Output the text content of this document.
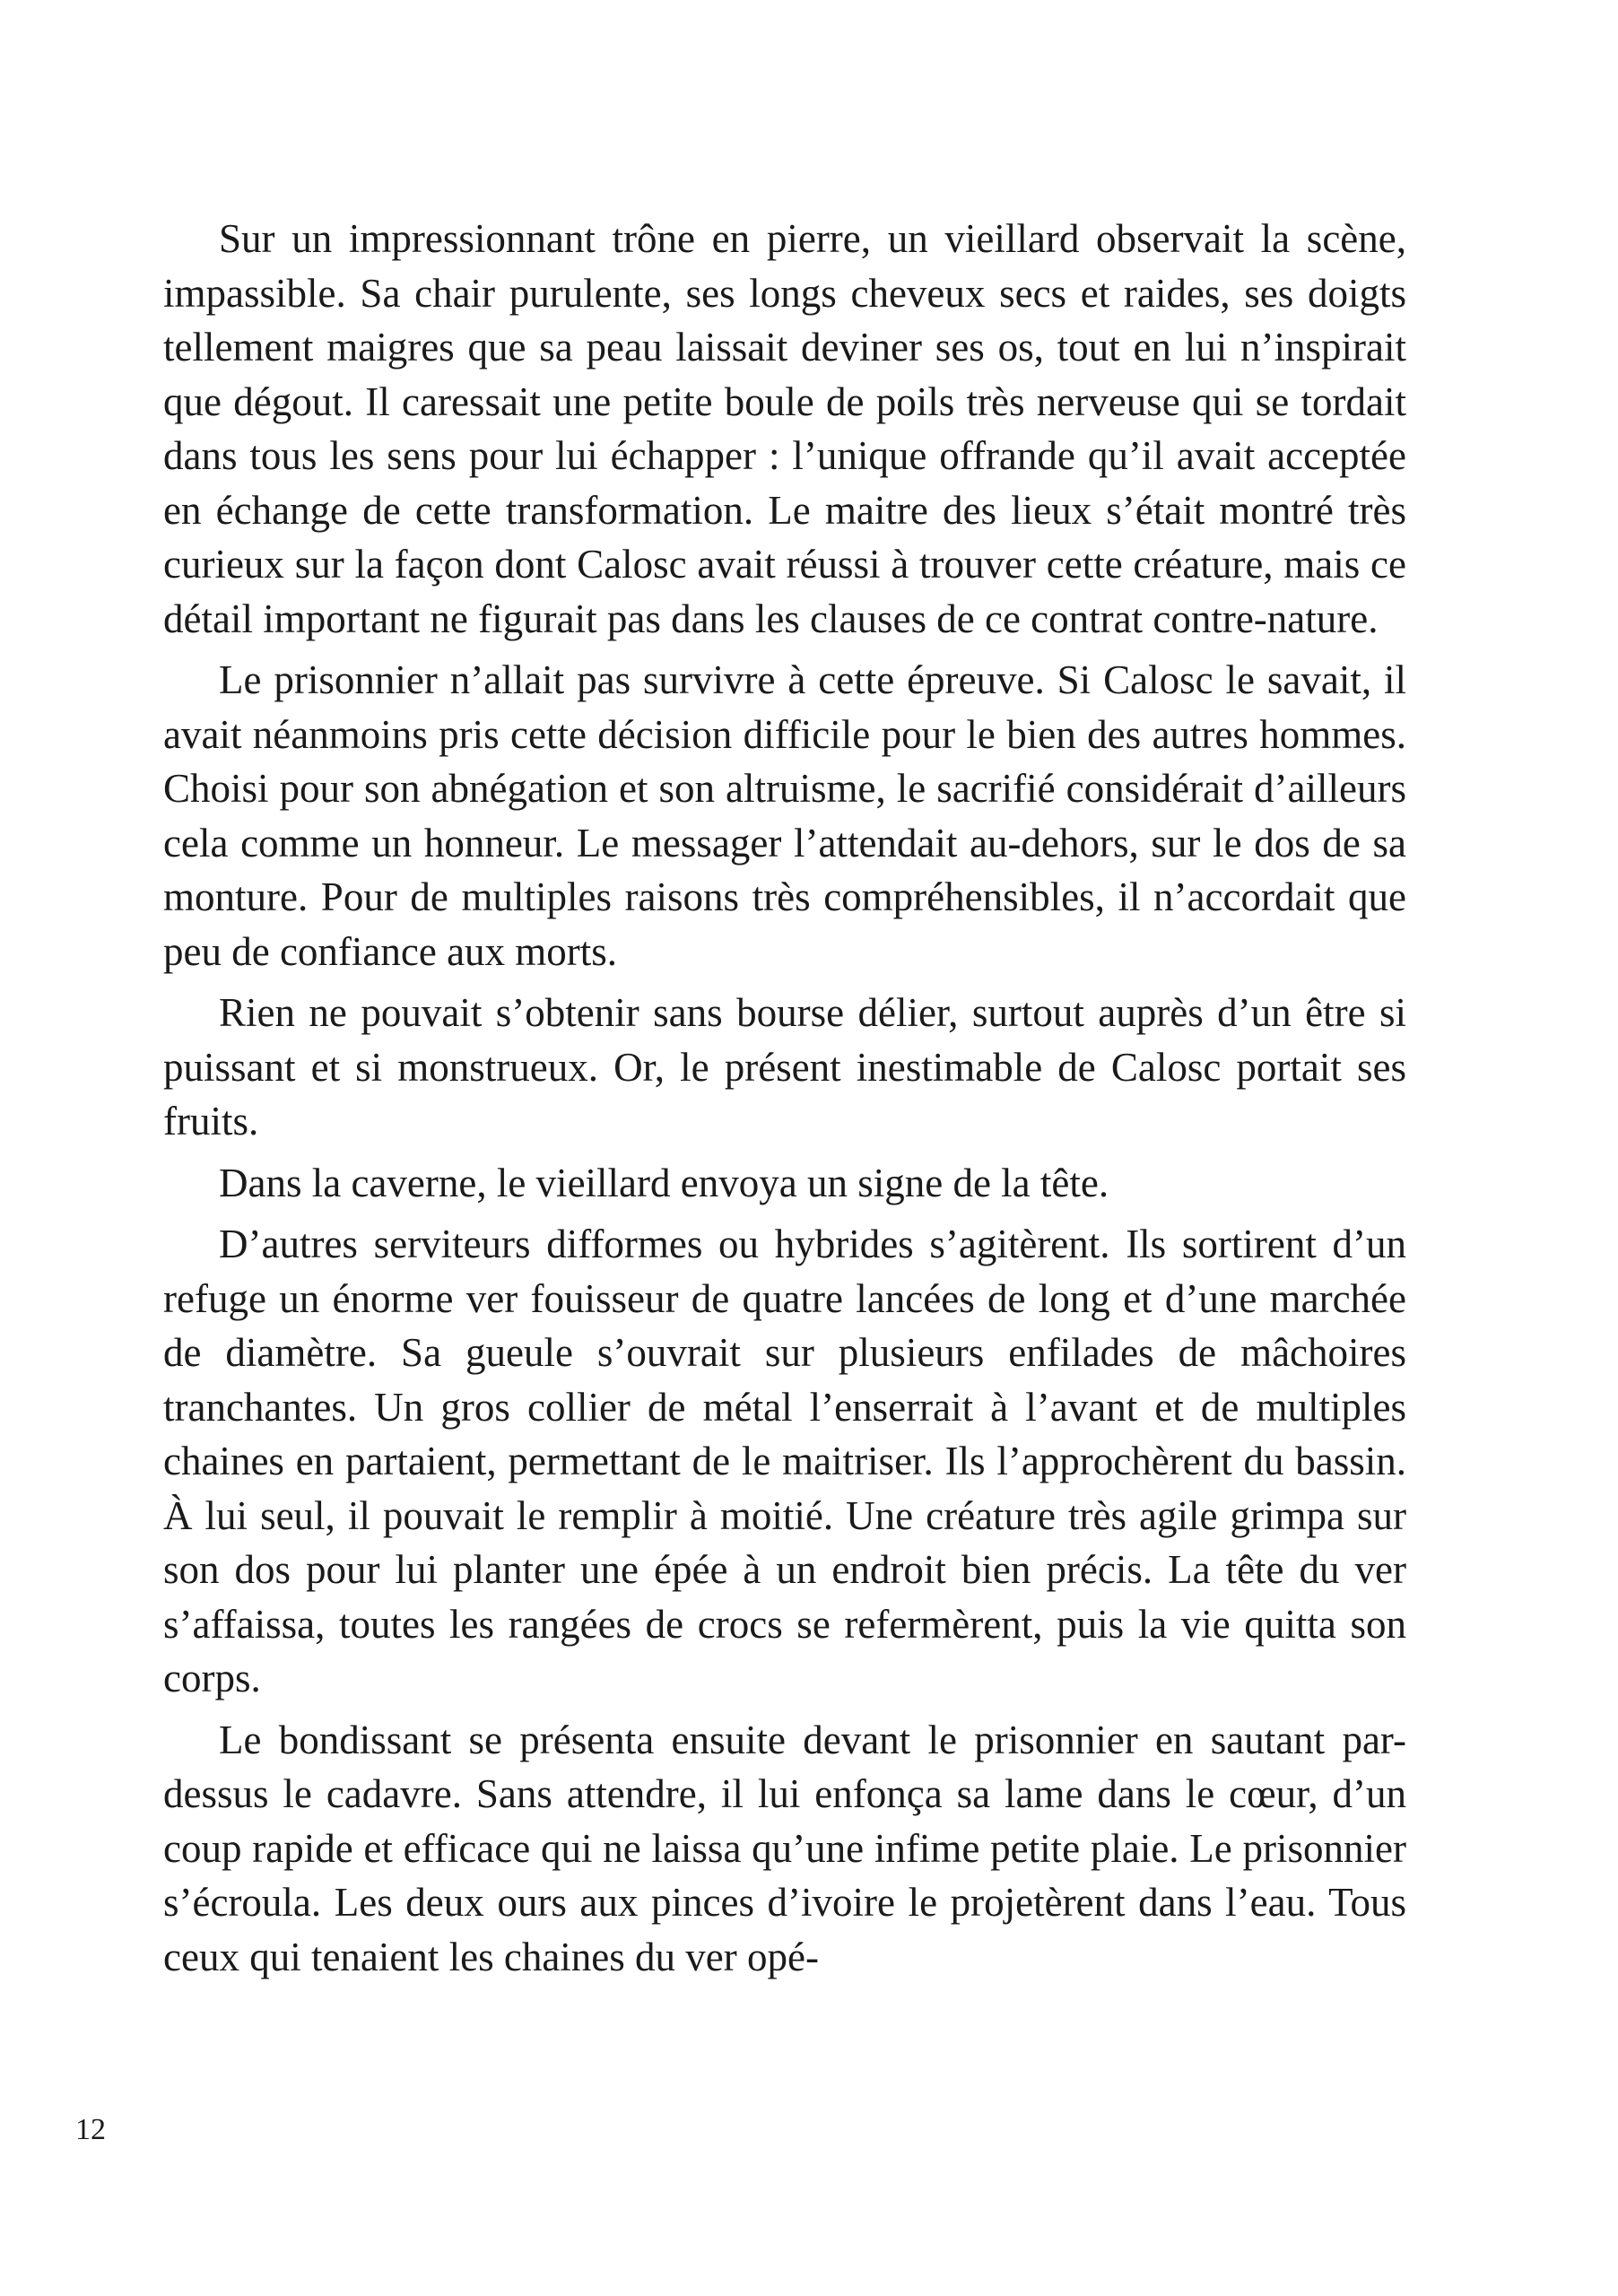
Sur un impressionnant trône en pierre, un vieillard observait la scène, impassible. Sa chair purulente, ses longs cheveux secs et raides, ses doigts tellement maigres que sa peau laissait deviner ses os, tout en lui n’inspirait que dégout. Il caressait une petite boule de poils très nerveuse qui se tordait dans tous les sens pour lui échapper : l’unique offrande qu’il avait acceptée en échange de cette transformation. Le maitre des lieux s’était montré très curieux sur la façon dont Calosc avait réussi à trouver cette créature, mais ce détail important ne figurait pas dans les clauses de ce contrat contre-nature.

Le prisonnier n’allait pas survivre à cette épreuve. Si Calosc le savait, il avait néanmoins pris cette décision difficile pour le bien des autres hommes. Choisi pour son abnégation et son altruisme, le sacrifié considérait d’ailleurs cela comme un honneur. Le messager l’attendait au-dehors, sur le dos de sa monture. Pour de multiples raisons très compréhensibles, il n’accordait que peu de confiance aux morts.

Rien ne pouvait s’obtenir sans bourse délier, surtout auprès d’un être si puissant et si monstrueux. Or, le présent inestimable de Calosc portait ses fruits.

Dans la caverne, le vieillard envoya un signe de la tête.

D’autres serviteurs difformes ou hybrides s’agitèrent. Ils sortirent d’un refuge un énorme ver fouisseur de quatre lancées de long et d’une marchée de diamètre. Sa gueule s’ouvrait sur plusieurs enfilades de mâchoires tranchantes. Un gros collier de métal l’enserrait à l’avant et de multiples chaines en partaient, permettant de le maitriser. Ils l’approchèrent du bassin. À lui seul, il pouvait le remplir à moitié. Une créature très agile grimpa sur son dos pour lui planter une épée à un endroit bien précis. La tête du ver s’affaissa, toutes les rangées de crocs se refermèrent, puis la vie quitta son corps.

Le bondissant se présenta ensuite devant le prisonnier en sautant par-dessus le cadavre. Sans attendre, il lui enfonça sa lame dans le cœur, d’un coup rapide et efficace qui ne laissa qu’une infime petite plaie. Le prisonnier s’écroula. Les deux ours aux pinces d’ivoire le projetèrent dans l’eau. Tous ceux qui tenaient les chaines du ver opé-

12
